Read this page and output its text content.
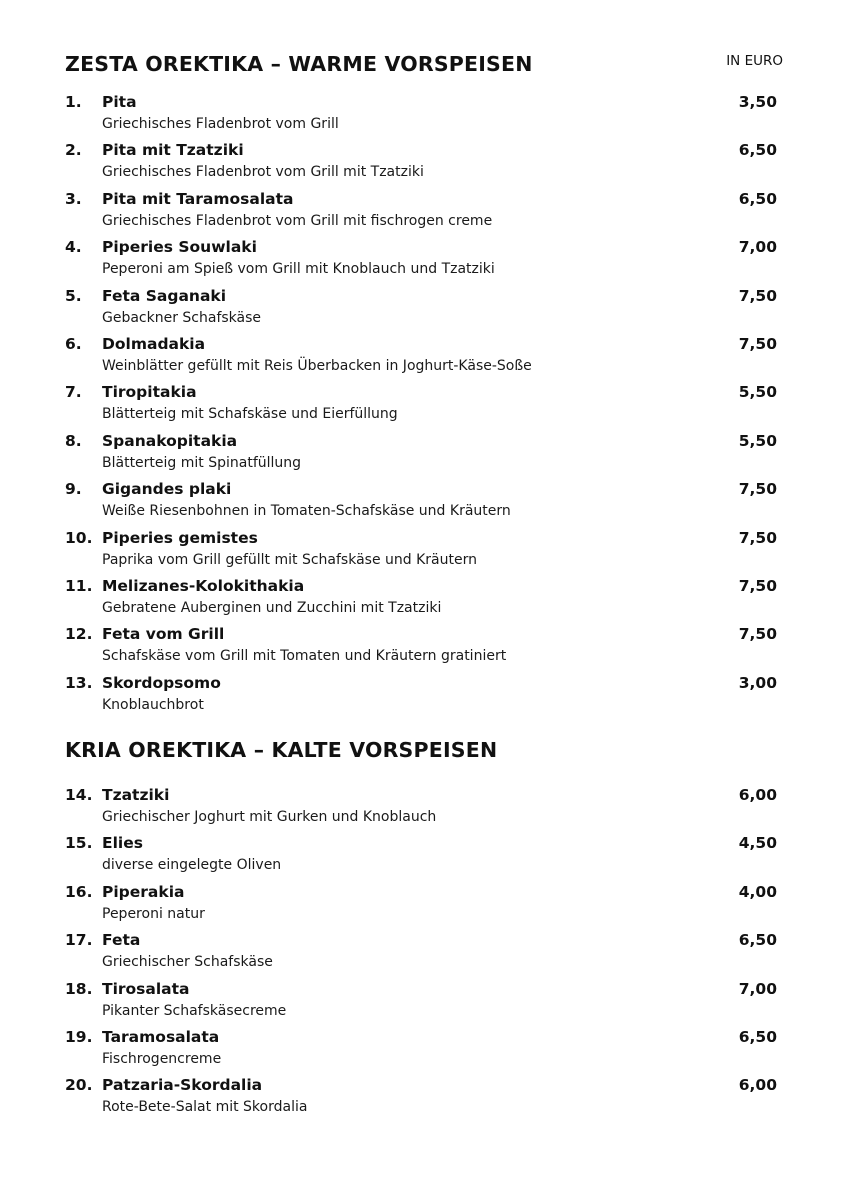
ZESTA OREKTIKA – WARME VORSPEISEN	IN EURO
1. Pita
Griechisches Fladenbrot vom Grill
3,50
2. Pita mit Tzatziki
Griechisches Fladenbrot vom Grill mit Tzatziki
6,50
3. Pita mit Taramosalata
Griechisches Fladenbrot vom Grill mit fischrogen creme
6,50
4. Piperies Souwlaki
Peperoni am Spieß vom Grill mit Knoblauch und Tzatziki
7,00
5. Feta Saganaki
Gebackner Schafskäse
7,50
6. Dolmadakia
Weinblätter gefüllt mit Reis Überbacken in Joghurt-Käse-Soße
7,50
7. Tiropitakia
Blätterteig mit Schafskäse und Eierfüllung
5,50
8. Spanakopitakia
Blätterteig mit Spinatfüllung
5,50
9. Gigandes plaki
Weiße Riesenbohnen in Tomaten-Schafskäse und Kräutern
7,50
10. Piperies gemistes
Paprika vom Grill gefüllt mit Schafskäse und Kräutern
7,50
11. Melizanes-Kolokithakia
Gebratene Auberginen und Zucchini mit Tzatziki
7,50
12. Feta vom Grill
Schafskäse vom Grill mit Tomaten und Kräutern gratiniert
7,50
13. Skordopsomo
Knoblauchbrot
3,00
KRIA OREKTIKA – KALTE VORSPEISEN
14. Tzatziki
Griechischer Joghurt mit Gurken und Knoblauch
6,00
15. Elies
diverse eingelegte Oliven
4,50
16. Piperakia
Peperoni natur
4,00
17. Feta
Griechischer Schafskäse
6,50
18. Tirosalata
Pikanter Schafskäsecreme
7,00
19. Taramosalata
Fischrogencreme
6,50
20. Patzaria-Skordalia
Rote-Bete-Salat mit Skordalia
6,00
